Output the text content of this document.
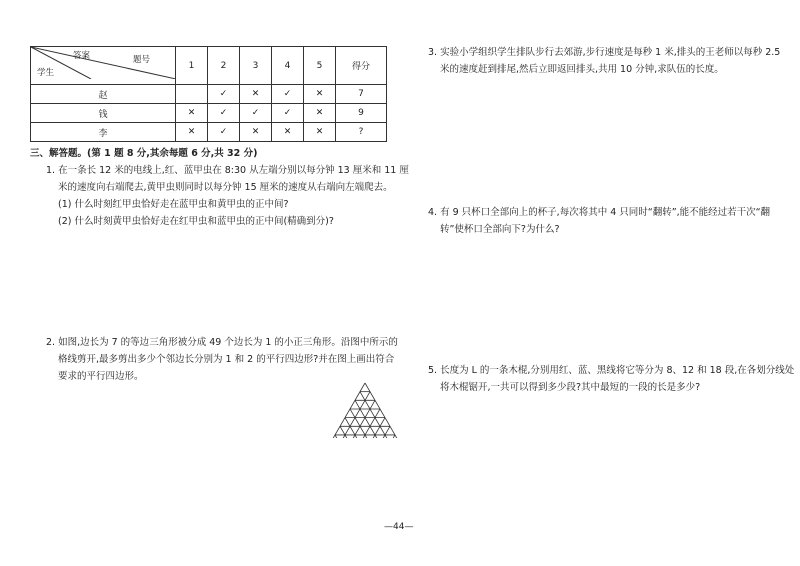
答案 题号
学生	1	2	3	4	5	得分
赵		✓	✕	✓	✕	7
钱	✕	✓	✓	✓	✕	9
李	✕	✓	✕	✕	✕	?
三、解答题。(第 1 题 8 分,其余每题 6 分,共 32 分)
1. 在一条长 12 米的电线上,红、蓝甲虫在 8:30 从左端分别以每分钟 13 厘米和 11 厘
米的速度向右端爬去,黄甲虫则同时以每分钟 15 厘米的速度从右端向左端爬去。
(1) 什么时刻红甲虫恰好走在蓝甲虫和黄甲虫的正中间?
(2) 什么时刻黄甲虫恰好走在红甲虫和蓝甲虫的正中间(精确到分)?
2. 如图,边长为 7 的等边三角形被分成 49 个边长为 1 的小正三角形。沿图中所示的
格线剪开,最多剪出多少个邻边长分别为 1 和 2 的平行四边形?并在图上画出符合
要求的平行四边形。
3. 实验小学组织学生排队步行去郊游,步行速度是每秒 1 米,排头的王老师以每秒 2.5
米的速度赶到排尾,然后立即返回排头,共用 10 分钟,求队伍的长度。
4. 有 9 只杯口全部向上的杯子,每次将其中 4 只同时“翻转”,能不能经过若干次“翻
转”使杯口全部向下?为什么?
5. 长度为 L 的一条木棍,分别用红、蓝、黑线将它等分为 8、12 和 18 段,在各划分线处
将木棍锯开,一共可以得到多少段?其中最短的一段的长是多少?
—44—
